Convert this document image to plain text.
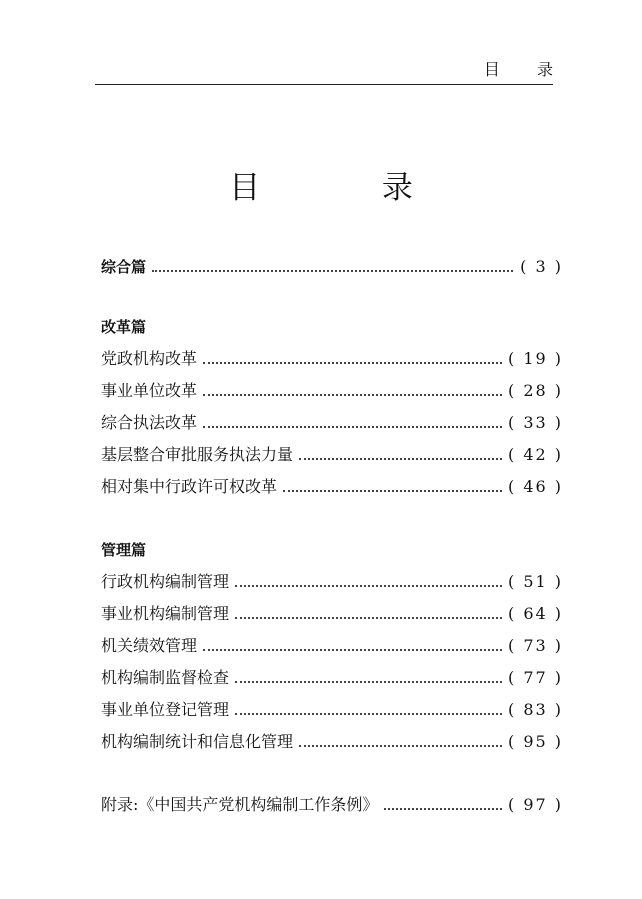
目 录
目 录
综合篇	( 3 )
改革篇
党政机构改革	( 19 )
事业单位改革	( 28 )
综合执法改革	( 33 )
基层整合审批服务执法力量	( 42 )
相对集中行政许可权改革	( 46 )
管理篇
行政机构编制管理	( 51 )
事业机构编制管理	( 64 )
机关绩效管理	( 73 )
机构编制监督检查	( 77 )
事业单位登记管理	( 83 )
机构编制统计和信息化管理	( 95 )
附录:《中国共产党机构编制工作条例》	( 97 )
